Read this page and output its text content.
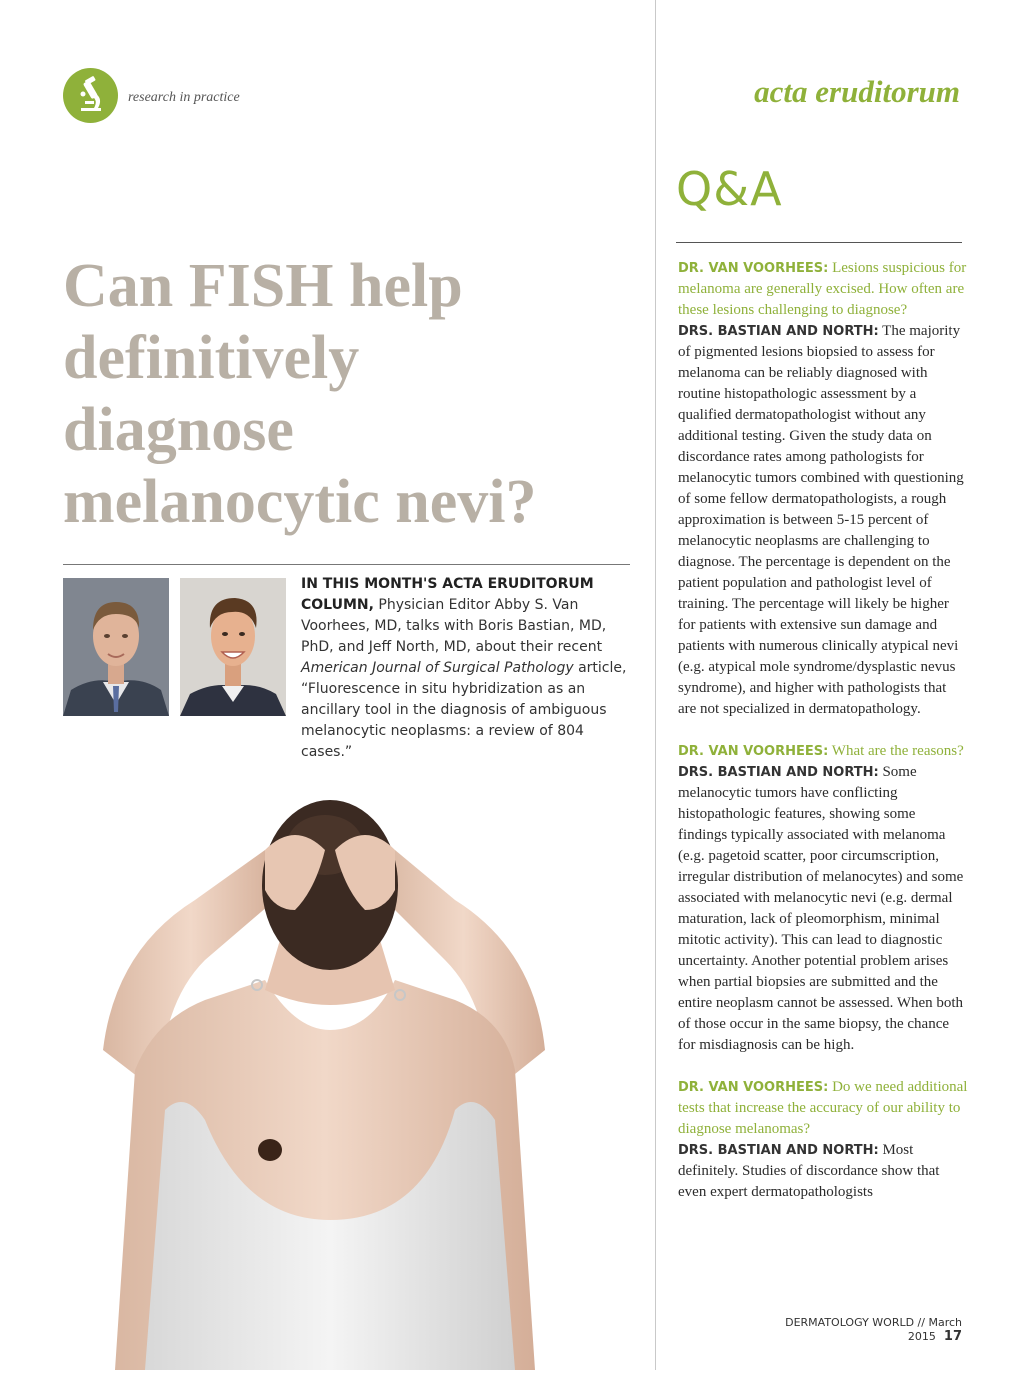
research in practice	acta eruditorum
Q&A
Can FISH help
definitively
diagnose
melanocytic nevi?
IN THIS MONTH'S ACTA ERUDITORUM COLUMN, Physician Editor Abby S. Van Voorhees, MD, talks with Boris Bastian, MD, PhD, and Jeff North, MD, about their recent American Journal of Surgical Pathology article, “Fluorescence in situ hybridization as an ancillary tool in the diagnosis of ambiguous melanocytic neoplasms: a review of 804 cases.”

DR. VAN VOORHEES: Lesions suspicious for melanoma are generally excised. How often are these lesions challenging to diagnose?
DRS. BASTIAN AND NORTH: The majority of pigmented lesions biopsied to assess for melanoma can be reliably diagnosed with routine histopathologic assessment by a qualified dermatopathologist without any additional testing. Given the study data on discordance rates among pathologists for melanocytic tumors combined with questioning of some fellow dermatopathologists, a rough approximation is between 5-15 percent of melanocytic neoplasms are challenging to diagnose. The percentage is dependent on the patient population and pathologist level of training. The percentage will likely be higher for patients with extensive sun damage and patients with numerous clinically atypical nevi (e.g. atypical mole syndrome/dysplastic nevus syndrome), and higher with pathologists that are not specialized in dermatopathology.

DR. VAN VOORHEES: What are the reasons?
DRS. BASTIAN AND NORTH: Some melanocytic tumors have conflicting histopathologic features, showing some findings typically associated with melanoma (e.g. pagetoid scatter, poor circumscription, irregular distribution of melanocytes) and some associated with melanocytic nevi (e.g. dermal maturation, lack of pleomorphism, minimal mitotic activity). This can lead to diagnostic uncertainty. Another potential problem arises when partial biopsies are submitted and the entire neoplasm cannot be assessed. When both of those occur in the same biopsy, the chance for misdiagnosis can be high.

DR. VAN VOORHEES: Do we need additional tests that increase the accuracy of our ability to diagnose melanomas?
DRS. BASTIAN AND NORTH: Most definitely. Studies of discordance show that even expert dermatopathologists

DERMATOLOGY WORLD // March 2015 17
